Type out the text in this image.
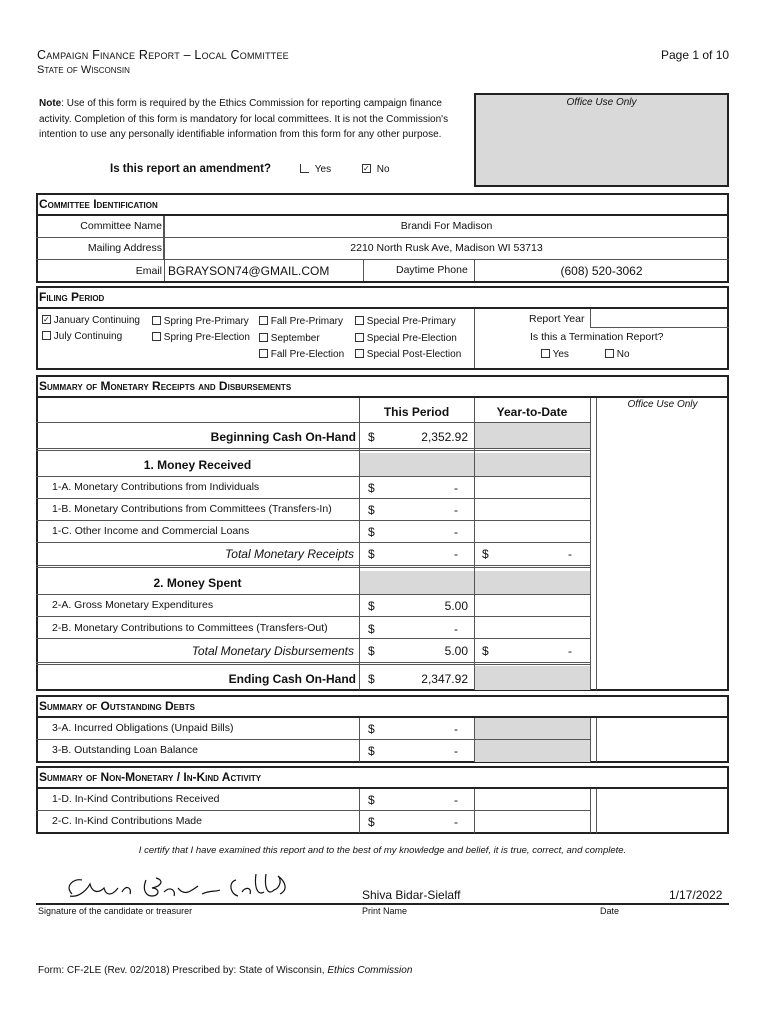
Campaign Finance Report – Local Committee
State of Wisconsin
Page 1 of 10
Note: Use of this form is required by the Ethics Commission for reporting campaign finance activity. Completion of this form is mandatory for local committees. It is not the Commission's intention to use any personally identifiable information from this form for any other purpose.
Office Use Only
Is this report an amendment?	Yes
✓	No
Committee Identification
Committee Name	Brandi For Madison
Mailing Address	2210 North Rusk Ave, Madison WI 53713
Email BGRAYSON74@GMAIL.COM	Daytime Phone	(608) 520-3062
Filing Period
✓ January Continuing
July Continuing
Spring Pre-Primary
Spring Pre-Election
Fall Pre-Primary
September
Fall Pre-Election
Special Pre-Primary
Special Pre-Election
Special Post-Election
Report Year
Is this a Termination Report?
Yes	No
Summary of Monetary Receipts and Disbursements
This Period	Year-to-Date
Office Use Only
Beginning Cash On-Hand $	2,352.92
1. Money Received
1-A. Monetary Contributions from Individuals	$	-
1-B. Monetary Contributions from Committees (Transfers-In)	$	-
1-C. Other Income and Commercial Loans	$	-
Total Monetary Receipts $	- $	-
2. Money Spent
2-A. Gross Monetary Expenditures	$	5.00
2-B. Monetary Contributions to Committees (Transfers-Out)	$	-
Total Monetary Disbursements $	5.00 $	-
Ending Cash On-Hand $	2,347.92
Summary of Outstanding Debts
3-A. Incurred Obligations (Unpaid Bills)	$	-
3-B. Outstanding Loan Balance	$	-
Summary of Non-Monetary / In-Kind Activity
1-D. In-Kind Contributions Received	$	-
2-C. In-Kind Contributions Made	$	-
I certify that I have examined this report and to the best of my knowledge and belief, it is true, correct, and complete.
Shiva Bidar-Sielaff	1/17/2022
Signature of the candidate or treasurer	Print Name	Date
Form: CF-2LE (Rev. 02/2018) Prescribed by: State of Wisconsin, Ethics Commission
